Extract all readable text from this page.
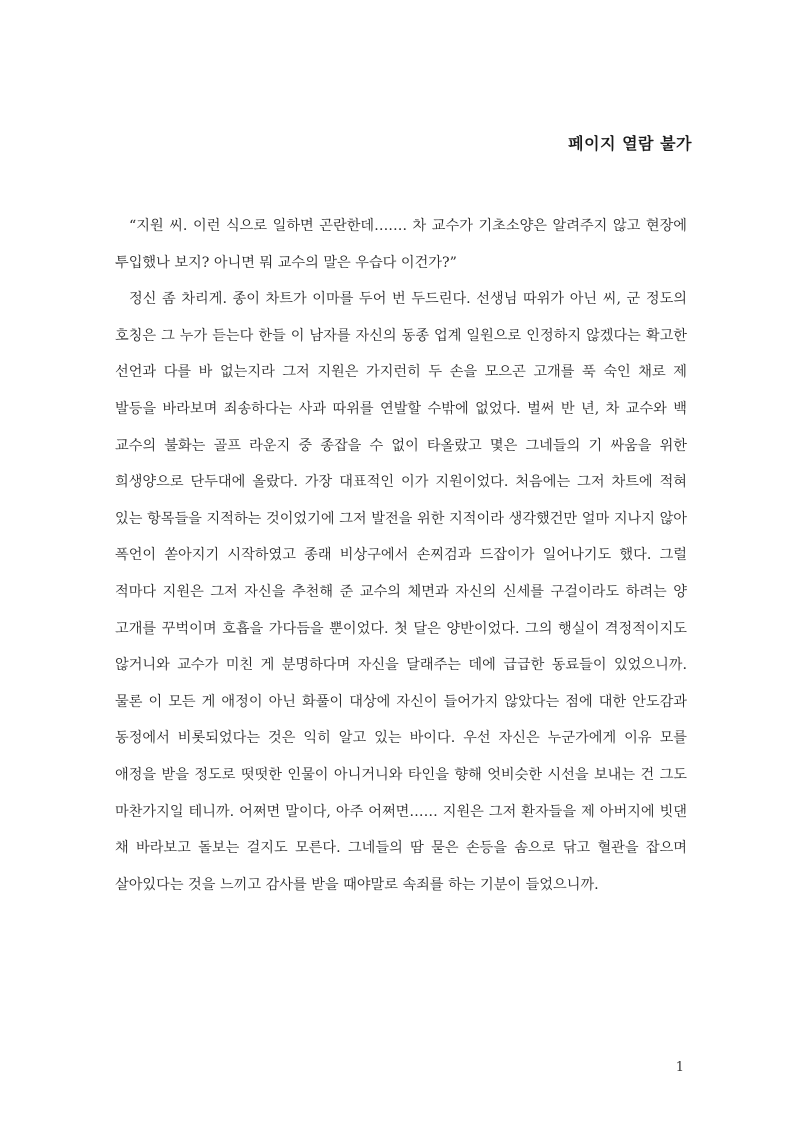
페이지 열람 불가

“지원 씨. 이런 식으로 일하면 곤란한데……. 차 교수가 기초소양은 알려주지 않고 현장에 투입했나 보지? 아니면 뭐 교수의 말은 우습다 이건가?”

정신 좀 차리게. 종이 차트가 이마를 두어 번 두드린다. 선생님 따위가 아닌 씨, 군 정도의 호칭은 그 누가 듣는다 한들 이 남자를 자신의 동종 업계 일원으로 인정하지 않겠다는 확고한 선언과 다를 바 없는지라 그저 지원은 가지런히 두 손을 모으곤 고개를 푹 숙인 채로 제 발등을 바라보며 죄송하다는 사과 따위를 연발할 수밖에 없었다. 벌써 반 년, 차 교수와 백 교수의 불화는 골프 라운지 중 종잡을 수 없이 타올랐고 몇은 그네들의 기 싸움을 위한 희생양으로 단두대에 올랐다. 가장 대표적인 이가 지원이었다. 처음에는 그저 차트에 적혀 있는 항목들을 지적하는 것이었기에 그저 발전을 위한 지적이라 생각했건만 얼마 지나지 않아 폭언이 쏟아지기 시작하였고 종래 비상구에서 손찌검과 드잡이가 일어나기도 했다. 그럴 적마다 지원은 그저 자신을 추천해 준 교수의 체면과 자신의 신세를 구걸이라도 하려는 양 고개를 꾸벅이며 호흡을 가다듬을 뿐이었다. 첫 달은 양반이었다. 그의 행실이 격정적이지도 않거니와 교수가 미친 게 분명하다며 자신을 달래주는 데에 급급한 동료들이 있었으니까. 물론 이 모든 게 애정이 아닌 화풀이 대상에 자신이 들어가지 않았다는 점에 대한 안도감과 동정에서 비롯되었다는 것은 익히 알고 있는 바이다. 우선 자신은 누군가에게 이유 모를 애정을 받을 정도로 떳떳한 인물이 아니거니와 타인을 향해 엇비슷한 시선을 보내는 건 그도 마찬가지일 테니까. 어쩌면 말이다, 아주 어쩌면…… 지원은 그저 환자들을 제 아버지에 빗댄 채 바라보고 돌보는 걸지도 모른다. 그네들의 땀 묻은 손등을 솜으로 닦고 혈관을 잡으며 살아있다는 것을 느끼고 감사를 받을 때야말로 속죄를 하는 기분이 들었으니까.

1
